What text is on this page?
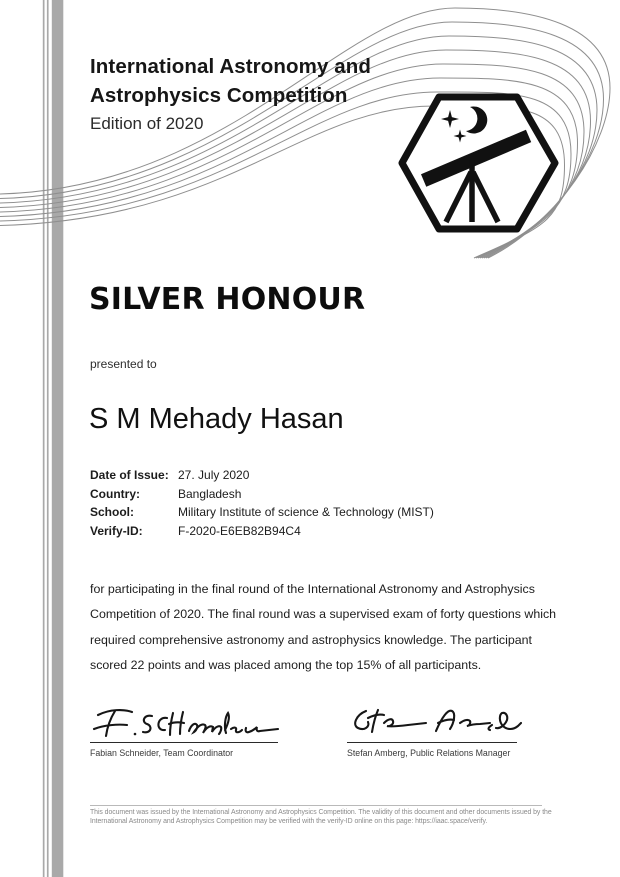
International Astronomy and
Astrophysics Competition
Edition of 2020
SILVER HONOUR
presented to
S M Mehady Hasan
Date of Issue: 27. July 2020
Country:	Bangladesh
School:	Military Institute of science & Technology (MIST)
Verify-ID:	F-2020-E6EB82B94C4
for participating in the final round of the International Astronomy and Astrophysics
Competition of 2020. The final round was a supervised exam of forty questions which
required comprehensive astronomy and astrophysics knowledge. The participant
scored 22 points and was placed among the top 15% of all participants.
Fabian Schneider, Team Coordinator	Stefan Amberg, Public Relations Manager
This document was issued by the International Astronomy and Astrophysics Competition. The validity of this document and other documents issued by the
International Astronomy and Astrophysics Competition may be verified with the verify-ID online on this page: https://iaac.space/verify.
